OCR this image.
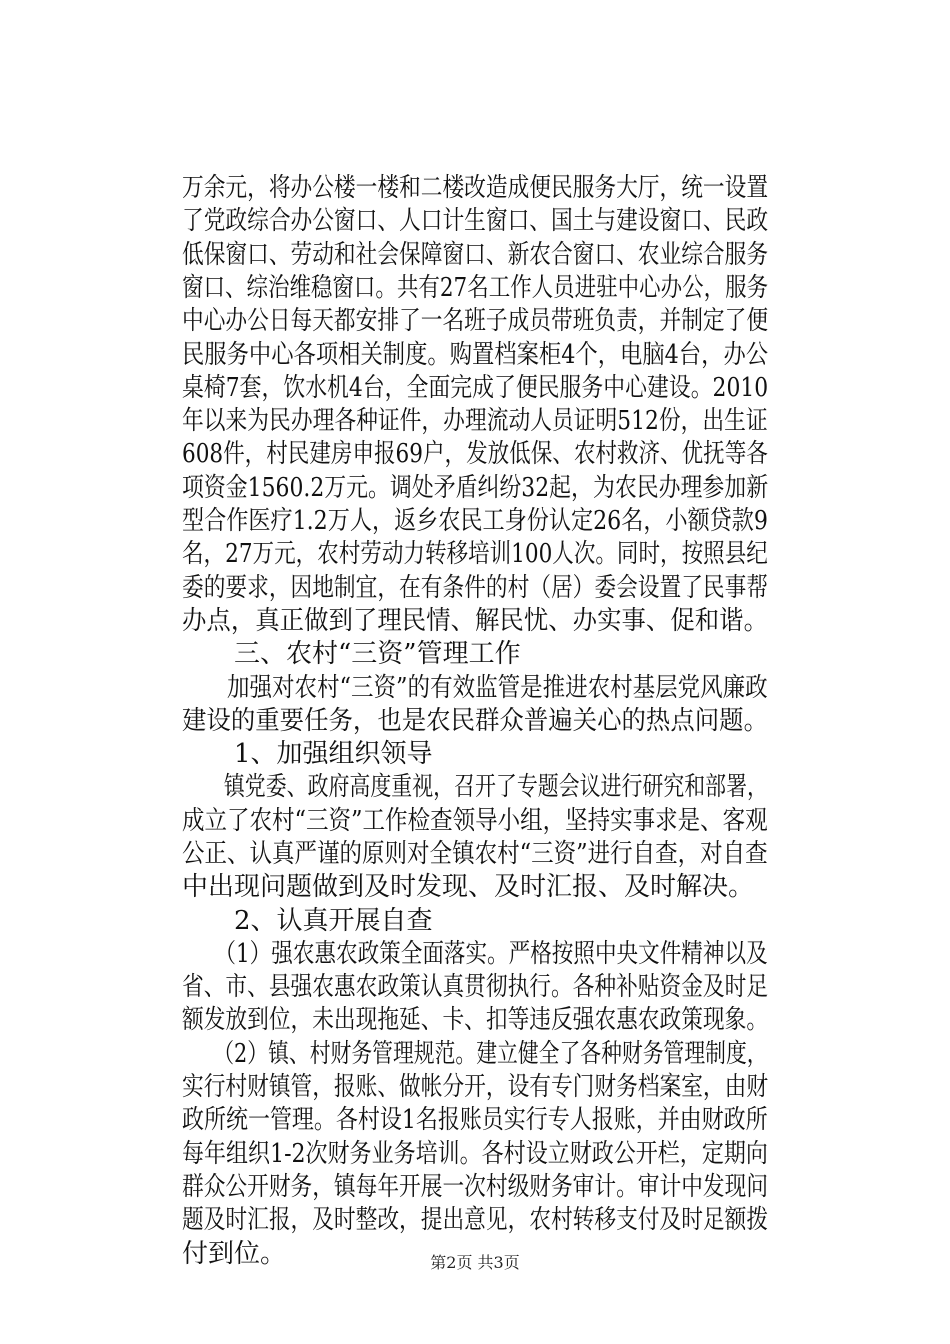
万余元，将办公楼一楼和二楼改造成便民服务大厅，统一设置
了党政综合办公窗口、人口计生窗口、国土与建设窗口、民政
低保窗口、劳动和社会保障窗口、新农合窗口、农业综合服务
窗口、综治维稳窗口。共有27名工作人员进驻中心办公，服务
中心办公日每天都安排了一名班子成员带班负责，并制定了便
民服务中心各项相关制度。购置档案柜4个，电脑4台，办公
桌椅7套，饮水机4台，全面完成了便民服务中心建设。2010
年以来为民办理各种证件，办理流动人员证明512份，出生证
608件，村民建房申报69户，发放低保、农村救济、优抚等各
项资金1560.2万元。调处矛盾纠纷32起，为农民办理参加新
型合作医疗1.2万人，返乡农民工身份认定26名，小额贷款9
名，27万元，农村劳动力转移培训100人次。同时，按照县纪
委的要求，因地制宜，在有条件的村（居）委会设置了民事帮
办点，真正做到了理民情、解民忧、办实事、促和谐。
　　三、农村“三资”管理工作
　　加强对农村“三资”的有效监管是推进农村基层党风廉政
建设的重要任务，也是农民群众普遍关心的热点问题。
　　1、加强组织领导
　　镇党委、政府高度重视，召开了专题会议进行研究和部署，
成立了农村“三资”工作检查领导小组，坚持实事求是、客观
公正、认真严谨的原则对全镇农村“三资”进行自查，对自查
中出现问题做到及时发现、及时汇报、及时解决。
　　2、认真开展自查
　　（1）强农惠农政策全面落实。严格按照中央文件精神以及
省、市、县强农惠农政策认真贯彻执行。各种补贴资金及时足
额发放到位，未出现拖延、卡、扣等违反强农惠农政策现象。
　　（2）镇、村财务管理规范。建立健全了各种财务管理制度，
实行村财镇管，报账、做帐分开，设有专门财务档案室，由财
政所统一管理。各村设1名报账员实行专人报账，并由财政所
每年组织1-2次财务业务培训。各村设立财政公开栏，定期向
群众公开财务，镇每年开展一次村级财务审计。审计中发现问
题及时汇报，及时整改，提出意见，农村转移支付及时足额拨
付到位。	第2页 共3页
